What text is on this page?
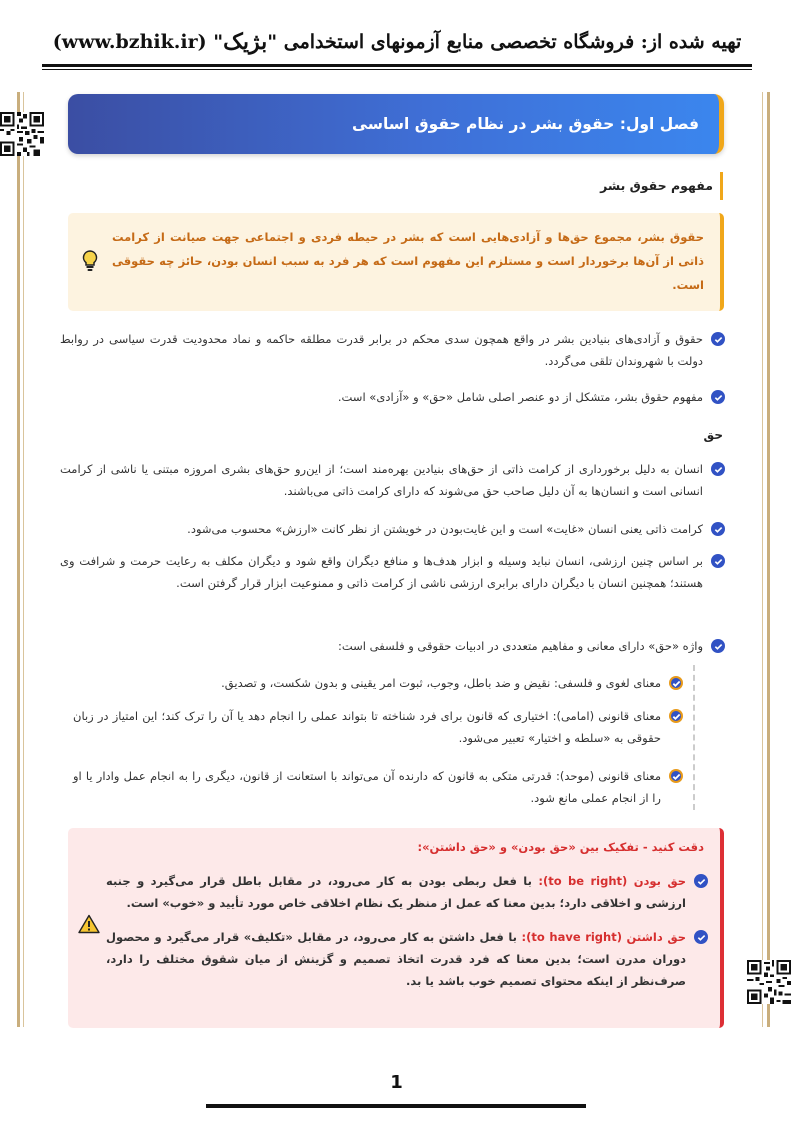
تهیه شده از: فروشگاه تخصصی منابع آزمونهای استخدامی "
بژیک
" (www.bzhik.ir)
فصل اول: حقوق بشر در نظام حقوق اساسی
مفهوم حقوق بشر
حقوق بشر، مجموع حق‌ها و آزادی‌هایی است که بشر در حیطه فردی و اجتماعی جهت صیانت از کرامت ذاتی از آن‌ها برخوردار است و مستلزم این مفهوم است که هر فرد به سبب انسان بودن، حائز چه حقوقی است.
حقوق و آزادی‌های بنیادین بشر در واقع همچون سدی محکم در برابر قدرت مطلقه حاکمه و نماد محدودیت قدرت سیاسی در روابط دولت با شهروندان تلقی می‌گردد.
مفهوم حقوق بشر، متشکل از دو عنصر اصلی شامل «حق» و «آزادی» است.
حق
انسان به دلیل برخورداری از کرامت ذاتی از حق‌های بنیادین بهره‌مند است؛ از این‌رو حق‌های بشری امروزه مبتنی یا ناشی از کرامت انسانی است و انسان‌ها به آن دلیل صاحب حق می‌شوند که دارای کرامت ذاتی می‌باشند.
کرامت ذاتی یعنی انسان «غایت» است و این غایت‌بودن در خویشتن از نظر کانت «ارزش» محسوب می‌شود.
بر اساس چنین ارزشی، انسان نباید وسیله و ابزار هدف‌ها و منافع دیگران واقع شود و دیگران مکلف به رعایت حرمت و شرافت وی هستند؛ همچنین انسان با دیگران دارای برابری ارزشی ناشی از کرامت ذاتی و ممنوعیت ابزار قرار گرفتن است.
واژه «حق» دارای معانی و مفاهیم متعددی در ادبیات حقوقی و فلسفی است:
معنای لغوی و فلسفی: نقیض و ضد باطل، وجوب، ثبوت امر یقینی و بدون شکست، و تصدیق.
معنای قانونی (امامی): اختیاری که قانون برای فرد شناخته تا بتواند عملی را انجام دهد یا آن را ترک کند؛ این امتیاز در زبان حقوقی به «سلطه و اختیار» تعبیر می‌شود.
معنای قانونی (موحد): قدرتی متکی به قانون که دارنده آن می‌تواند با استعانت از قانون، دیگری را به انجام عمل وادار یا او را از انجام عملی مانع شود.
دقت کنید - تفکیک بین «حق بودن» و «حق داشتن»:
حق بودن (to be right): با فعل ربطی بودن به کار می‌رود، در مقابل باطل قرار می‌گیرد و جنبه ارزشی و اخلاقی دارد؛ بدین معنا که عمل از منظر یک نظام اخلاقی خاص مورد تأیید و «خوب» است.
حق داشتن (to have right): با فعل داشتن به کار می‌رود، در مقابل «تکلیف» قرار می‌گیرد و محصول دوران مدرن است؛ بدین معنا که فرد قدرت اتخاذ تصمیم و گزینش از میان شقوق مختلف را دارد، صرف‌نظر از اینکه محتوای تصمیم خوب باشد یا بد.
1
